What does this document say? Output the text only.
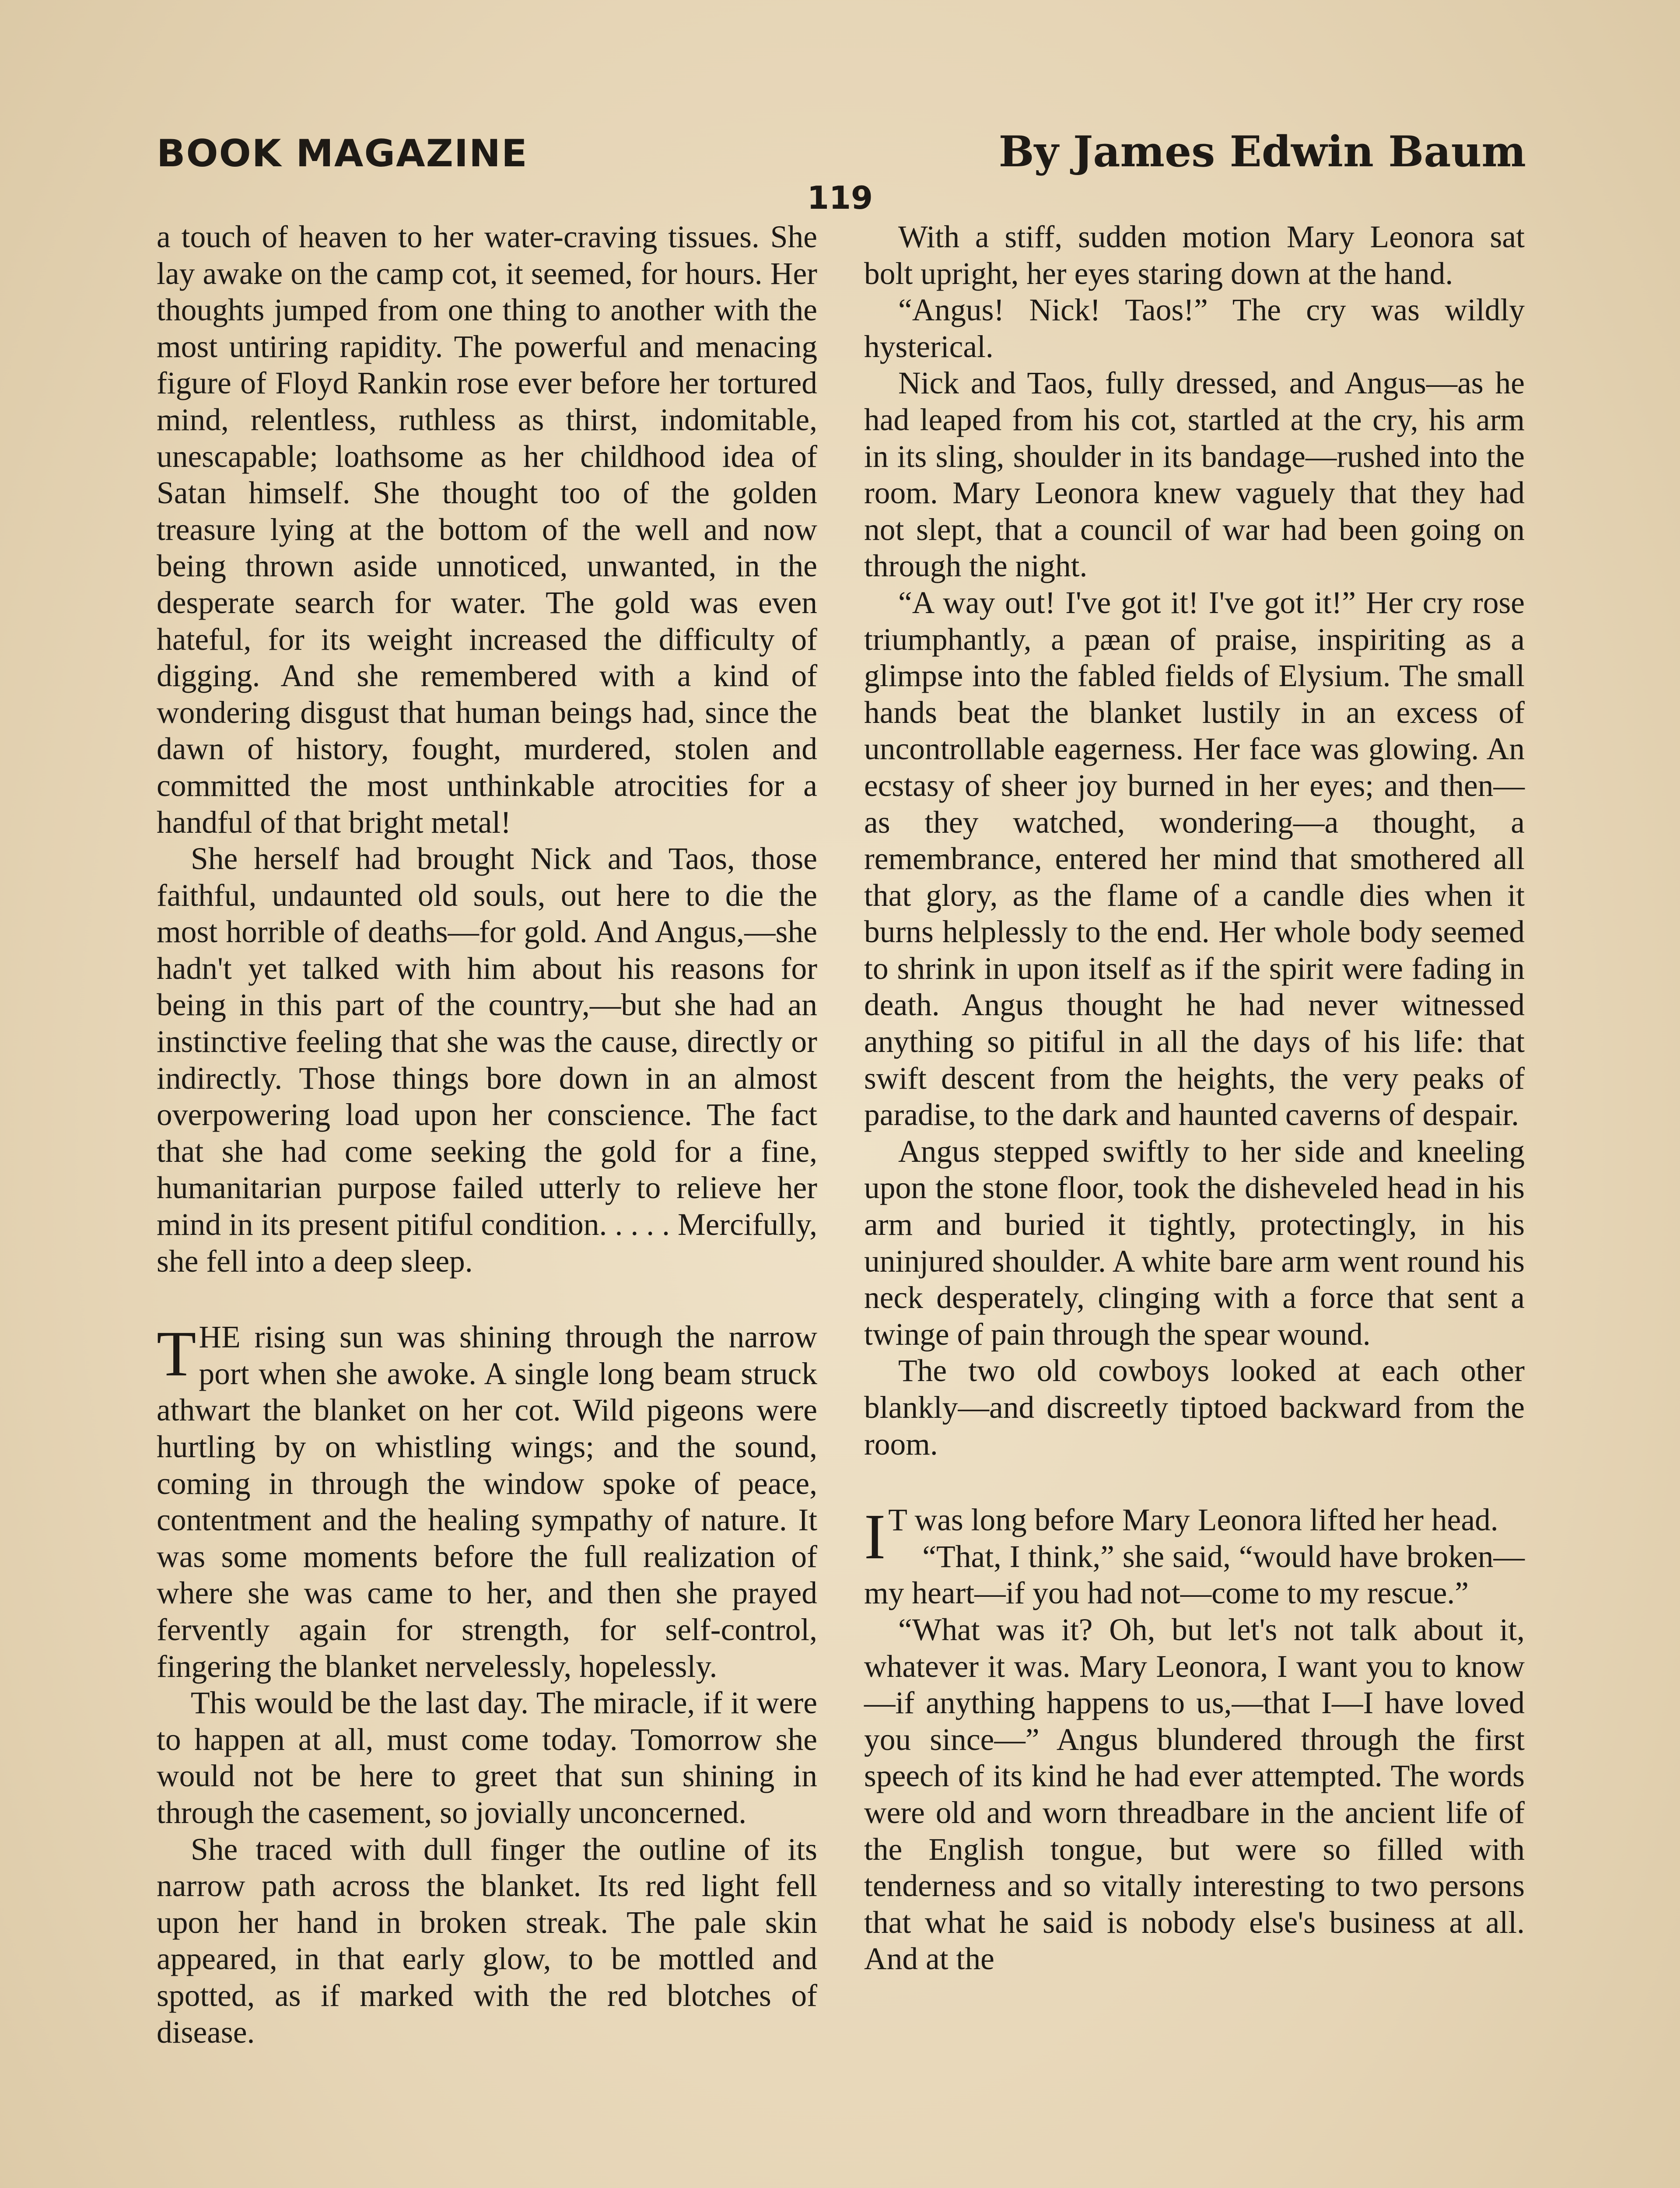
BOOK MAGAZINE	By James Edwin Baum
119

a touch of heaven to her water-craving tissues. She lay awake on the camp cot, it seemed, for hours. Her thoughts jumped from one thing to another with the most untiring rapidity. The powerful and menacing figure of Floyd Rankin rose ever before her tortured mind, relentless, ruthless as thirst, indomitable, unescapable; loathsome as her childhood idea of Satan himself. She thought too of the golden treasure lying at the bottom of the well and now being thrown aside unnoticed, unwanted, in the desperate search for water. The gold was even hateful, for its weight increased the difficulty of digging. And she remembered with a kind of wondering disgust that human beings had, since the dawn of history, fought, murdered, stolen and committed the most unthinkable atrocities for a handful of that bright metal!

She herself had brought Nick and Taos, those faithful, undaunted old souls, out here to die the most horrible of deaths—for gold. And Angus,—she hadn't yet talked with him about his reasons for being in this part of the country,—but she had an instinctive feeling that she was the cause, directly or indirectly. Those things bore down in an almost overpowering load upon her conscience. The fact that she had come seeking the gold for a fine, humanitarian purpose failed utterly to relieve her mind in its present pitiful condition. . . . . Mercifully, she fell into a deep sleep.

THE rising sun was shining through the narrow port when she awoke. A single long beam struck athwart the blanket on her cot. Wild pigeons were hurtling by on whistling wings; and the sound, coming in through the window spoke of peace, contentment and the healing sympathy of nature. It was some moments before the full realization of where she was came to her, and then she prayed fervently again for strength, for self-control, fingering the blanket nervelessly, hopelessly.

This would be the last day. The miracle, if it were to happen at all, must come today. Tomorrow she would not be here to greet that sun shining in through the casement, so jovially unconcerned.

She traced with dull finger the outline of its narrow path across the blanket. Its red light fell upon her hand in broken streak. The pale skin appeared, in that early glow, to be mottled and spotted, as if marked with the red blotches of disease.

With a stiff, sudden motion Mary Leonora sat bolt upright, her eyes staring down at the hand.

“Angus! Nick! Taos!” The cry was wildly hysterical.

Nick and Taos, fully dressed, and Angus—as he had leaped from his cot, startled at the cry, his arm in its sling, shoulder in its bandage—rushed into the room. Mary Leonora knew vaguely that they had not slept, that a council of war had been going on through the night.

“A way out! I've got it! I've got it!” Her cry rose triumphantly, a pæan of praise, inspiriting as a glimpse into the fabled fields of Elysium. The small hands beat the blanket lustily in an excess of uncontrollable eagerness. Her face was glowing. An ecstasy of sheer joy burned in her eyes; and then—as they watched, wondering—a thought, a remembrance, entered her mind that smothered all that glory, as the flame of a candle dies when it burns helplessly to the end. Her whole body seemed to shrink in upon itself as if the spirit were fading in death. Angus thought he had never witnessed anything so pitiful in all the days of his life: that swift descent from the heights, the very peaks of paradise, to the dark and haunted caverns of despair.

Angus stepped swiftly to her side and kneeling upon the stone floor, took the disheveled head in his arm and buried it tightly, protectingly, in his uninjured shoulder. A white bare arm went round his neck desperately, clinging with a force that sent a twinge of pain through the spear wound.

The two old cowboys looked at each other blankly—and discreetly tiptoed backward from the room.

I T was long before Mary Leonora lifted her head.

“That, I think,” she said, “would have broken—my heart—if you had not—come to my rescue.”

“What was it? Oh, but let's not talk about it, whatever it was. Mary Leonora, I want you to know—if anything happens to us,—that I—I have loved you since—” Angus blundered through the first speech of its kind he had ever attempted. The words were old and worn threadbare in the ancient life of the English tongue, but were so filled with tenderness and so vitally interesting to two persons that what he said is nobody else's business at all. And at the
